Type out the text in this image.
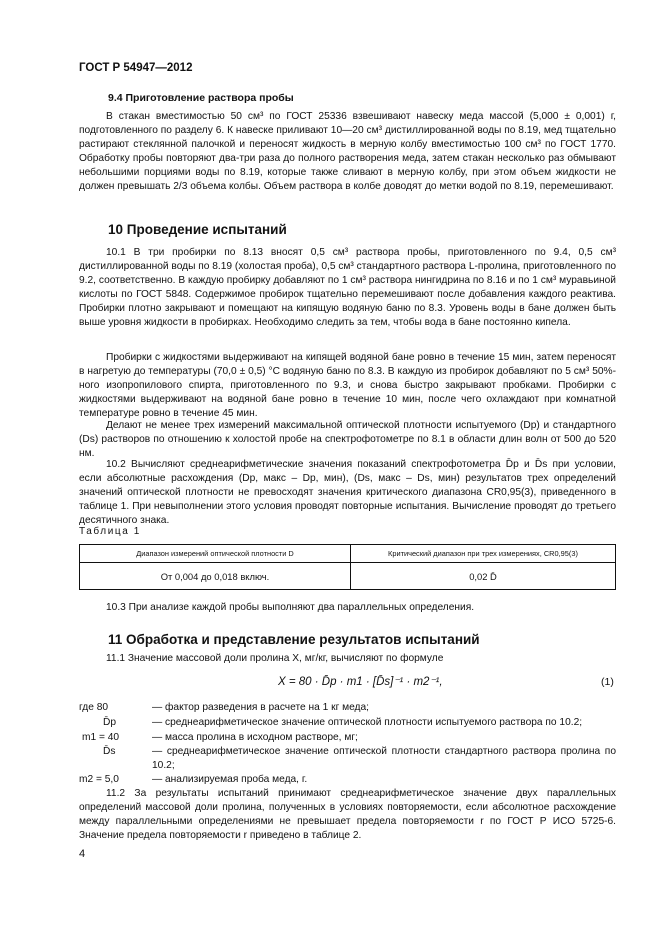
ГОСТ Р 54947—2012

9.4 Приготовление раствора пробы

В стакан вместимостью 50 см³ по ГОСТ 25336 взвешивают навеску меда массой (5,000 ± 0,001) г, подготовленного по разделу 6. К навеске приливают 10—20 см³ дистиллированной воды по 8.19, мед тщательно растирают стеклянной палочкой и переносят жидкость в мерную колбу вместимостью 100 см³ по ГОСТ 1770. Обработку пробы повторяют два-три раза до полного растворения меда, затем стакан несколько раз обмывают небольшими порциями воды по 8.19, которые также сливают в мерную колбу, при этом объем жидкости не должен превышать 2/3 объема колбы. Объем раствора в колбе доводят до метки водой по 8.19, перемешивают.

10 Проведение испытаний

10.1 В три пробирки по 8.13 вносят 0,5 см³ раствора пробы, приготовленного по 9.4, 0,5 см³ дистиллированной воды по 8.19 (холостая проба), 0,5 см³ стандартного раствора L-пролина, приготовленного по 9.2, соответственно. В каждую пробирку добавляют по 1 см³ раствора нингидрина по 8.16 и по 1 см³ муравьиной кислоты по ГОСТ 5848. Содержимое пробирок тщательно перемешивают после добавления каждого реактива. Пробирки плотно закрывают и помещают на кипящую водяную баню по 8.3. Уровень воды в бане должен быть выше уровня жидкости в пробирках. Необходимо следить за тем, чтобы вода в бане постоянно кипела.

Пробирки с жидкостями выдерживают на кипящей водяной бане ровно в течение 15 мин, затем переносят в нагретую до температуры (70,0 ± 0,5) °С водяную баню по 8.3. В каждую из пробирок добавляют по 5 см³ 50%-ного изопропилового спирта, приготовленного по 9.3, и снова быстро закрывают пробками. Пробирки с жидкостями выдерживают на водяной бане ровно в течение 10 мин, после чего охлаждают при комнатной температуре ровно в течение 45 мин.

Делают не менее трех измерений максимальной оптической плотности испытуемого (Dp) и стандартного (Ds) растворов по отношению к холостой пробе на спектрофотометре по 8.1 в области длин волн от 500 до 520 нм.

10.2 Вычисляют среднеарифметические значения показаний спектрофотометра D̄p и D̄s при условии, если абсолютные расхождения (Dp, макс – Dp, мин), (Ds, макс – Ds, мин) результатов трех определений значений оптической плотности не превосходят значения критического диапазона CR0,95(3), приведенного в таблице 1. При невыполнении этого условия проводят повторные испытания. Вычисление проводят до третьего десятичного знака.

Таблица 1
Диапазон измерений оптической плотности D	Критический диапазон при трех измерениях, CR0,95(3)
От 0,004 до 0,018 включ.	0,02 D̄

10.3 При анализе каждой пробы выполняют два параллельных определения.

11 Обработка и представление результатов испытаний

11.1 Значение массовой доли пролина X, мг/кг, вычисляют по формуле

X = 80 · D̄p · m1 · [D̄s]⁻¹ · m2⁻¹,	(1)
где 80	— фактор разведения в расчете на 1 кг меда;
D̄p	— среднеарифметическое значение оптической плотности испытуемого раствора по 10.2;
m1 = 40	— масса пролина в исходном растворе, мг;
D̄s	— среднеарифметическое значение оптической плотности стандартного раствора пролина по 10.2;
m2 = 5,0	— анализируемая проба меда, г.

11.2 За результаты испытаний принимают среднеарифметическое значение двух параллельных определений массовой доли пролина, полученных в условиях повторяемости, если абсолютное расхождение между параллельными определениями не превышает предела повторяемости r по ГОСТ Р ИСО 5725-6. Значение предела повторяемости r приведено в таблице 2.

4
